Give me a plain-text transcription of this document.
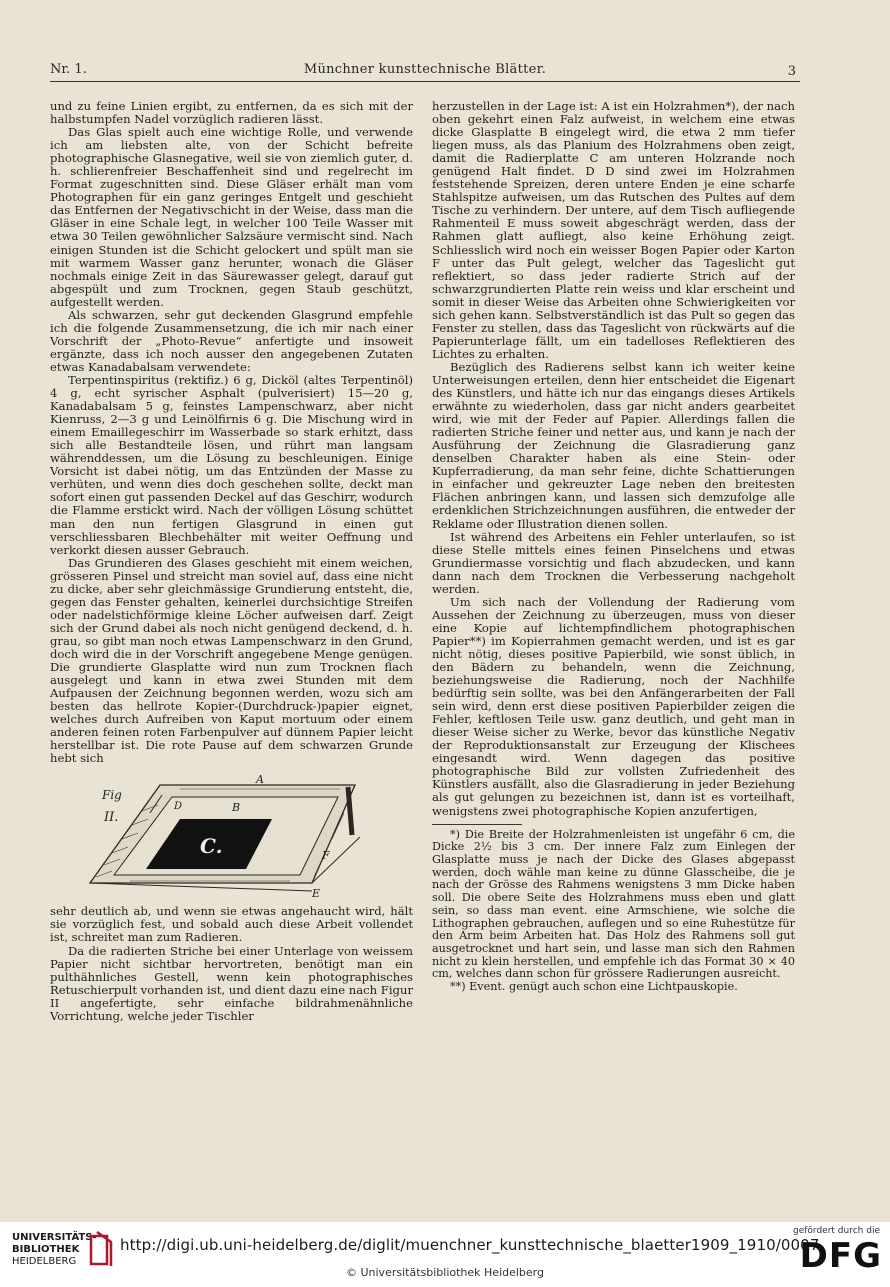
Nr. 1.	Münchner kunsttechnische Blätter.	3

und zu feine Linien ergibt, zu entfernen, da es sich mit der halbstumpfen Nadel vorzüglich radieren lässt.

Das Glas spielt auch eine wichtige Rolle, und verwende ich am liebsten alte, von der Schicht befreite photographische Glasnegative, weil sie von ziemlich guter, d. h. schlierenfreier Beschaffenheit sind und regelrecht im Format zugeschnitten sind. Diese Gläser erhält man vom Photographen für ein ganz geringes Entgelt und geschieht das Entfernen der Negativschicht in der Weise, dass man die Gläser in eine Schale legt, in welcher 100 Teile Wasser mit etwa 30 Teilen gewöhnlicher Salzsäure vermischt sind. Nach einigen Stunden ist die Schicht gelockert und spült man sie mit warmem Wasser ganz herunter, wonach die Gläser nochmals einige Zeit in das Säurewasser gelegt, darauf gut abgespült und zum Trocknen, gegen Staub geschützt, aufgestellt werden.

Als schwarzen, sehr gut deckenden Glasgrund empfehle ich die folgende Zusammensetzung, die ich mir nach einer Vorschrift der „Photo-Revue“ anfertigte und insoweit ergänzte, dass ich noch ausser den angegebenen Zutaten etwas Kanadabalsam verwendete:

Terpentinspiritus (rektifiz.) 6 g, Dicköl (altes Terpentinöl) 4 g, echt syrischer Asphalt (pulverisiert) 15—20 g, Kanadabalsam 5 g, feinstes Lampenschwarz, aber nicht Kienruss, 2—3 g und Leinölfirnis 6 g. Die Mischung wird in einem Emaillegeschirr im Wasserbade so stark erhitzt, dass sich alle Bestandteile lösen, und rührt man langsam währenddessen, um die Lösung zu beschleunigen. Einige Vorsicht ist dabei nötig, um das Entzünden der Masse zu verhüten, und wenn dies doch geschehen sollte, deckt man sofort einen gut passenden Deckel auf das Geschirr, wodurch die Flamme erstickt wird. Nach der völligen Lösung schüttet man den nun fertigen Glasgrund in einen gut verschliessbaren Blechbehälter mit weiter Oeffnung und verkorkt diesen ausser Gebrauch.

Das Grundieren des Glases geschieht mit einem weichen, grösseren Pinsel und streicht man soviel auf, dass eine nicht zu dicke, aber sehr gleichmässige Grundierung entsteht, die, gegen das Fenster gehalten, keinerlei durchsichtige Streifen oder nadelstichförmige kleine Löcher aufweisen darf. Zeigt sich der Grund dabei als noch nicht genügend deckend, d. h. grau, so gibt man noch etwas Lampenschwarz in den Grund, doch wird die in der Vorschrift angegebene Menge genügen. Die grundierte Glasplatte wird nun zum Trocknen flach ausgelegt und kann in etwa zwei Stunden mit dem Aufpausen der Zeichnung begonnen werden, wozu sich am besten das hellrote Kopier-(Durchdruck-)papier eignet, welches durch Aufreiben von Kaput mortuum oder einem anderen feinen roten Farbenpulver auf dünnem Papier leicht herstellbar ist. Die rote Pause auf dem schwarzen Grunde hebt sich

Fig
II.
A
B
C.
D
E
F

sehr deutlich ab, und wenn sie etwas angehaucht wird, hält sie vorzüglich fest, und sobald auch diese Arbeit vollendet ist, schreitet man zum Radieren.

Da die radierten Striche bei einer Unterlage von weissem Papier nicht sichtbar hervortreten, benötigt man ein pulthähnliches Gestell, wenn kein photographisches Retuschierpult vorhanden ist, und dient dazu eine nach Figur II angefertigte, sehr einfache bildrahmenähnliche Vorrichtung, welche jeder Tischler

herzustellen in der Lage ist: A ist ein Holzrahmen*), der nach oben gekehrt einen Falz aufweist, in welchem eine etwas dicke Glasplatte B eingelegt wird, die etwa 2 mm tiefer liegen muss, als das Planium des Holzrahmens oben zeigt, damit die Radierplatte C am unteren Holzrande noch genügend Halt findet. D D sind zwei im Holzrahmen feststehende Spreizen, deren untere Enden je eine scharfe Stahlspitze aufweisen, um das Rutschen des Pultes auf dem Tische zu verhindern. Der untere, auf dem Tisch aufliegende Rahmenteil E muss soweit abgeschrägt werden, dass der Rahmen glatt aufliegt, also keine Erhöhung zeigt. Schliesslich wird noch ein weisser Bogen Papier oder Karton F unter das Pult gelegt, welcher das Tageslicht gut reflektiert, so dass jeder radierte Strich auf der schwarzgrundierten Platte rein weiss und klar erscheint und somit in dieser Weise das Arbeiten ohne Schwierigkeiten vor sich gehen kann. Selbstverständlich ist das Pult so gegen das Fenster zu stellen, dass das Tageslicht von rückwärts auf die Papierunterlage fällt, um ein tadelloses Reflektieren des Lichtes zu erhalten.

Bezüglich des Radierens selbst kann ich weiter keine Unterweisungen erteilen, denn hier entscheidet die Eigenart des Künstlers, und hätte ich nur das eingangs dieses Artikels erwähnte zu wiederholen, dass gar nicht anders gearbeitet wird, wie mit der Feder auf Papier. Allerdings fallen die radierten Striche feiner und netter aus, und kann je nach der Ausführung der Zeichnung die Glasradierung ganz denselben Charakter haben als eine Stein- oder Kupferradierung, da man sehr feine, dichte Schattierungen in einfacher und gekreuzter Lage neben den breitesten Flächen anbringen kann, und lassen sich demzufolge alle erdenklichen Strichzeichnungen ausführen, die entweder der Reklame oder Illustration dienen sollen.

Ist während des Arbeitens ein Fehler unterlaufen, so ist diese Stelle mittels eines feinen Pinselchens und etwas Grundiermasse vorsichtig und flach abzudecken, und kann dann nach dem Trocknen die Verbesserung nachgeholt werden.

Um sich nach der Vollendung der Radierung vom Aussehen der Zeichnung zu überzeugen, muss von dieser eine Kopie auf lichtempfindlichem photographischen Papier**) im Kopierrahmen gemacht werden, und ist es gar nicht nötig, dieses positive Papierbild, wie sonst üblich, in den Bädern zu behandeln, wenn die Zeichnung, beziehungsweise die Radierung, noch der Nachhilfe bedürftig sein sollte, was bei den Anfängerarbeiten der Fall sein wird, denn erst diese positiven Papierbilder zeigen die Fehler, keftlosen Teile usw. ganz deutlich, und geht man in dieser Weise sicher zu Werke, bevor das künstliche Negativ der Reproduktionsanstalt zur Erzeugung der Klischees eingesandt wird. Wenn dagegen das positive photographische Bild zur vollsten Zufriedenheit des Künstlers ausfällt, also die Glasradierung in jeder Beziehung als gut gelungen zu bezeichnen ist, dann ist es vorteilhaft, wenigstens zwei photographische Kopien anzufertigen,

*) Die Breite der Holzrahmenleisten ist ungefähr 6 cm, die Dicke 2½ bis 3 cm. Der innere Falz zum Einlegen der Glasplatte muss je nach der Dicke des Glases abgepasst werden, doch wähle man keine zu dünne Glasscheibe, die je nach der Grösse des Rahmens wenigstens 3 mm Dicke haben soll. Die obere Seite des Holzrahmens muss eben und glatt sein, so dass man event. eine Armschiene, wie solche die Lithographen gebrauchen, auflegen und so eine Ruhestütze für den Arm beim Arbeiten hat. Das Holz des Rahmens soll gut ausgetrocknet und hart sein, und lasse man sich den Rahmen nicht zu klein herstellen, und empfehle ich das Format 30 × 40 cm, welches dann schon für grössere Radierungen ausreicht.

**) Event. genügt auch schon eine Lichtpauskopie.

UNIVERSITÄTS-
BIBLIOTHEK
HEIDELBERG
http://digi.ub.uni-heidelberg.de/diglit/muenchner_kunsttechnische_blaetter1909_1910/0007
© Universitätsbibliothek Heidelberg
gefördert durch die
DFG
